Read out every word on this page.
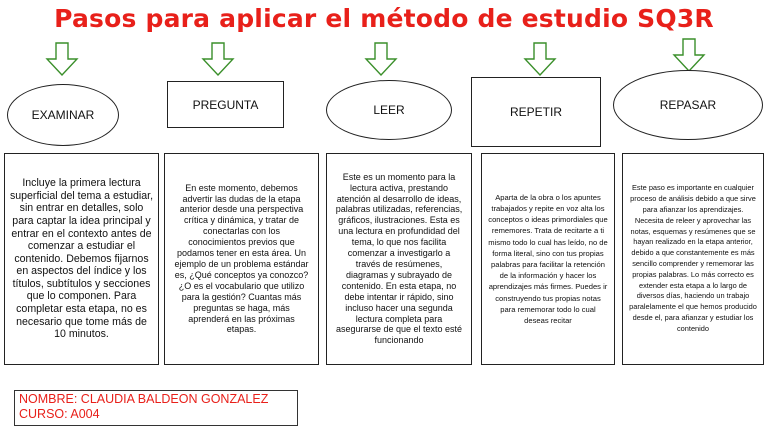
Pasos para aplicar el método de estudio SQ3R
EXAMINAR
PREGUNTA	LEER	REPETIR	REPASAR
Incluye la primera lectura superficial del tema a estudiar, sin entrar en detalles, solo para captar la idea principal y entrar en el contexto antes de comenzar a estudiar el contenido. Debemos fijarnos en aspectos del índice y los títulos, subtítulos y secciones que lo componen. Para completar esta etapa, no es necesario que tome más de 10 minutos.
En este momento, debemos advertir las dudas de la etapa anterior desde una perspectiva crítica y dinámica, y tratar de conectarlas con los conocimientos previos que podamos tener en esta área. Un ejemplo de un problema estándar es, ¿Qué conceptos ya conozco? ¿O es el vocabulario que utilizo para la gestión? Cuantas más preguntas se haga, más aprenderá en las próximas etapas.
Este es un momento para la lectura activa, prestando atención al desarrollo de ideas, palabras utilizadas, referencias, gráficos, ilustraciones. Esta es una lectura en profundidad del tema, lo que nos facilita comenzar a investigarlo a través de resúmenes, diagramas y subrayado de contenido. En esta etapa, no debe intentar ir rápido, sino incluso hacer una segunda lectura completa para asegurarse de que el texto esté funcionando
Aparta de la obra o los apuntes trabajados y repite en voz alta los conceptos o ideas primordiales que rememores. Trata de recitarte a ti mismo todo lo cual has leído, no de forma literal, sino con tus propias palabras para facilitar la retención de la información y hacer los aprendizajes más firmes. Puedes ir construyendo tus propias notas para rememorar todo lo cual deseas recitar
Este paso es importante en cualquier proceso de análisis debido a que sirve para afianzar los aprendizajes. Necesita de releer y aprovechar las notas, esquemas y resúmenes que se hayan realizado en la etapa anterior, debido a que constantemente es más sencillo comprender y rememorar las propias palabras. Lo más correcto es extender esta etapa a lo largo de diversos días, haciendo un trabajo paralelamente el que hemos producido desde el, para afianzar y estudiar los contenido
NOMBRE: CLAUDIA BALDEON GONZALEZ
CURSO: A004
